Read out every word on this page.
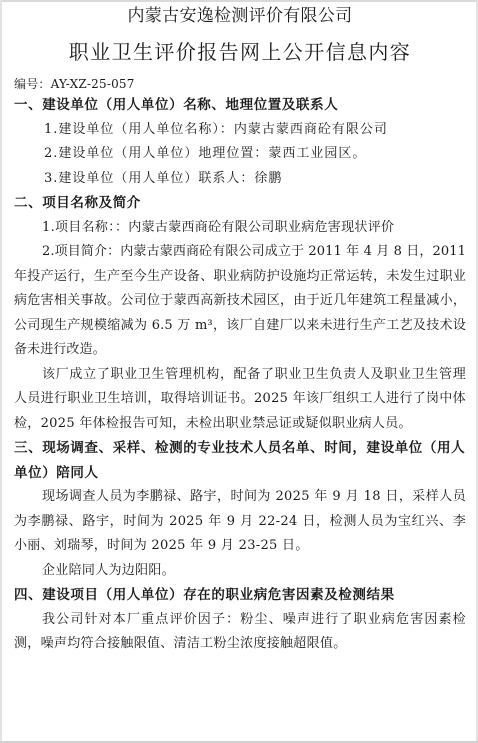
内蒙古安逸检测评价有限公司
职业卫生评价报告网上公开信息内容
编号：AY-XZ-25-057
一、建设单位（用人单位）名称、地理位置及联系人
1.建设单位（用人单位名称）：内蒙古蒙西商砼有限公司
2.建设单位（用人单位）地理位置：蒙西工业园区。
3.建设单位（用人单位）联系人：徐鹏
二、项目名称及简介

1.项目名称：：内蒙古蒙西商砼有限公司职业病危害现状评价

2.项目简介：内蒙古蒙西商砼有限公司成立于 2011 年 4 月 8 日，2011 年投产运行，生产至今生产设备、职业病防护设施均正常运转，未发生过职业病危害相关事故。公司位于蒙西高新技术园区，由于近几年建筑工程量减小，公司现生产规模缩减为 6.5 万 m³，该厂自建厂以来未进行生产工艺及技术设备未进行改造。

该厂成立了职业卫生管理机构，配备了职业卫生负责人及职业卫生管理人员进行职业卫生培训，取得培训证书。2025 年该厂组织工人进行了岗中体检，2025 年体检报告可知，未检出职业禁忌证或疑似职业病人员。

三、现场调查、采样、检测的专业技术人员名单、时间，建设单位（用人单位）陪同人

现场调查人员为李鹏禄、路宇，时间为 2025 年 9 月 18 日，采样人员为李鹏禄、路宇，时间为 2025 年 9 月 22-24 日，检测人员为宝红兴、李小丽、刘瑞琴，时间为 2025 年 9 月 23-25 日。

企业陪同人为边阳阳。

四、建设项目（用人单位）存在的职业病危害因素及检测结果

我公司针对本厂重点评价因子：粉尘、噪声进行了职业病危害因素检测，噪声均符合接触限值、清洁工粉尘浓度接触超限值。
